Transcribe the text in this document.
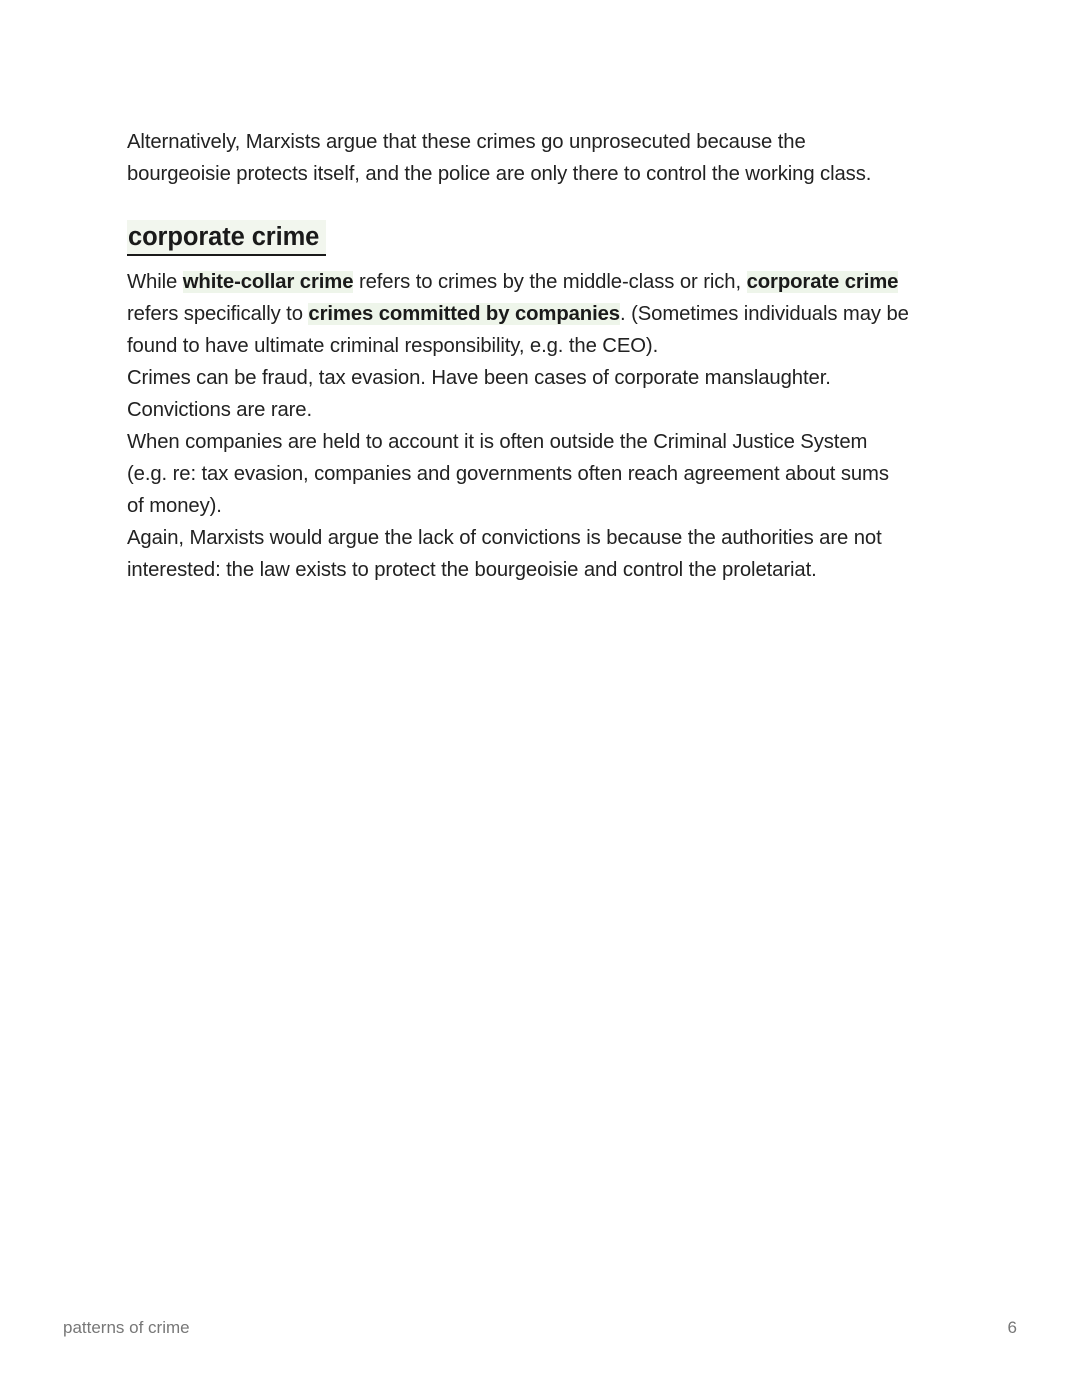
Alternatively, Marxists argue that these crimes go unprosecuted because the
bourgeoisie protects itself, and the police are only there to control the working class.

corporate crime

While white-collar crime refers to crimes by the middle-class or rich, corporate crime
refers specifically to crimes committed by companies. (Sometimes individuals may be
found to have ultimate criminal responsibility, e.g. the CEO).

Crimes can be fraud, tax evasion. Have been cases of corporate manslaughter.
Convictions are rare.

When companies are held to account it is often outside the Criminal Justice System
(e.g. re: tax evasion, companies and governments often reach agreement about sums
of money).

Again, Marxists would argue the lack of convictions is because the authorities are not
interested: the law exists to protect the bourgeoisie and control the proletariat.

patterns of crime	6
